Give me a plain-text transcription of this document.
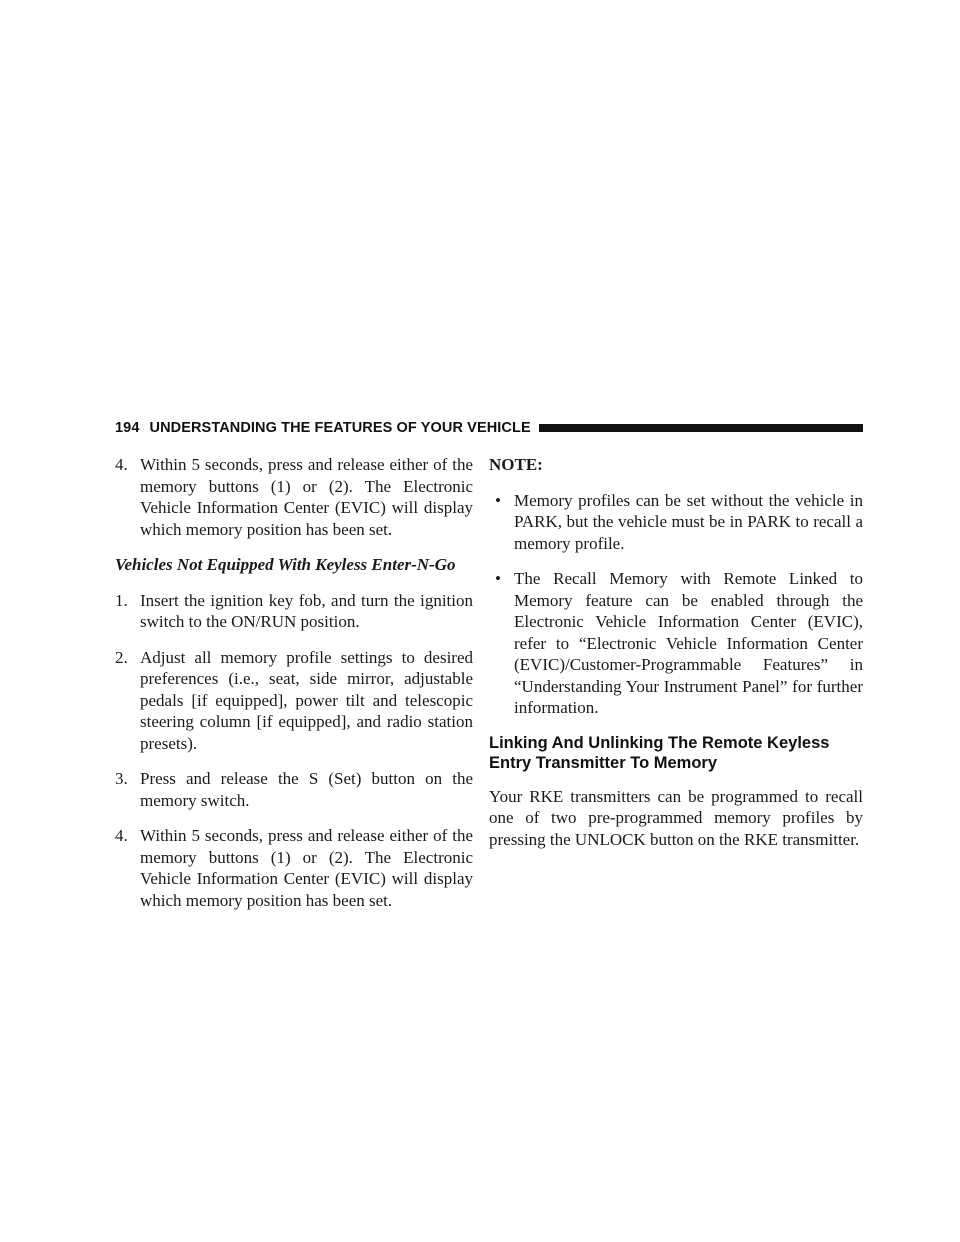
194 UNDERSTANDING THE FEATURES OF YOUR VEHICLE
4. Within 5 seconds, press and release either of the memory buttons (1) or (2). The Electronic Vehicle Information Center (EVIC) will display which memory position has been set.
Vehicles Not Equipped With Keyless Enter-N-Go
1. Insert the ignition key fob, and turn the ignition switch to the ON/RUN position.
2. Adjust all memory profile settings to desired preferences (i.e., seat, side mirror, adjustable pedals [if equipped], power tilt and telescopic steering column [if equipped], and radio station presets).
3. Press and release the S (Set) button on the memory switch.
4. Within 5 seconds, press and release either of the memory buttons (1) or (2). The Electronic Vehicle Information Center (EVIC) will display which memory position has been set.
NOTE:
• Memory profiles can be set without the vehicle in PARK, but the vehicle must be in PARK to recall a memory profile.
• The Recall Memory with Remote Linked to Memory feature can be enabled through the Electronic Vehicle Information Center (EVIC), refer to “Electronic Vehicle Information Center (EVIC)/Customer-Programmable Features” in “Understanding Your Instrument Panel” for further information.
Linking And Unlinking The Remote Keyless Entry Transmitter To Memory

Your RKE transmitters can be programmed to recall one of two pre-programmed memory profiles by pressing the UNLOCK button on the RKE transmitter.
